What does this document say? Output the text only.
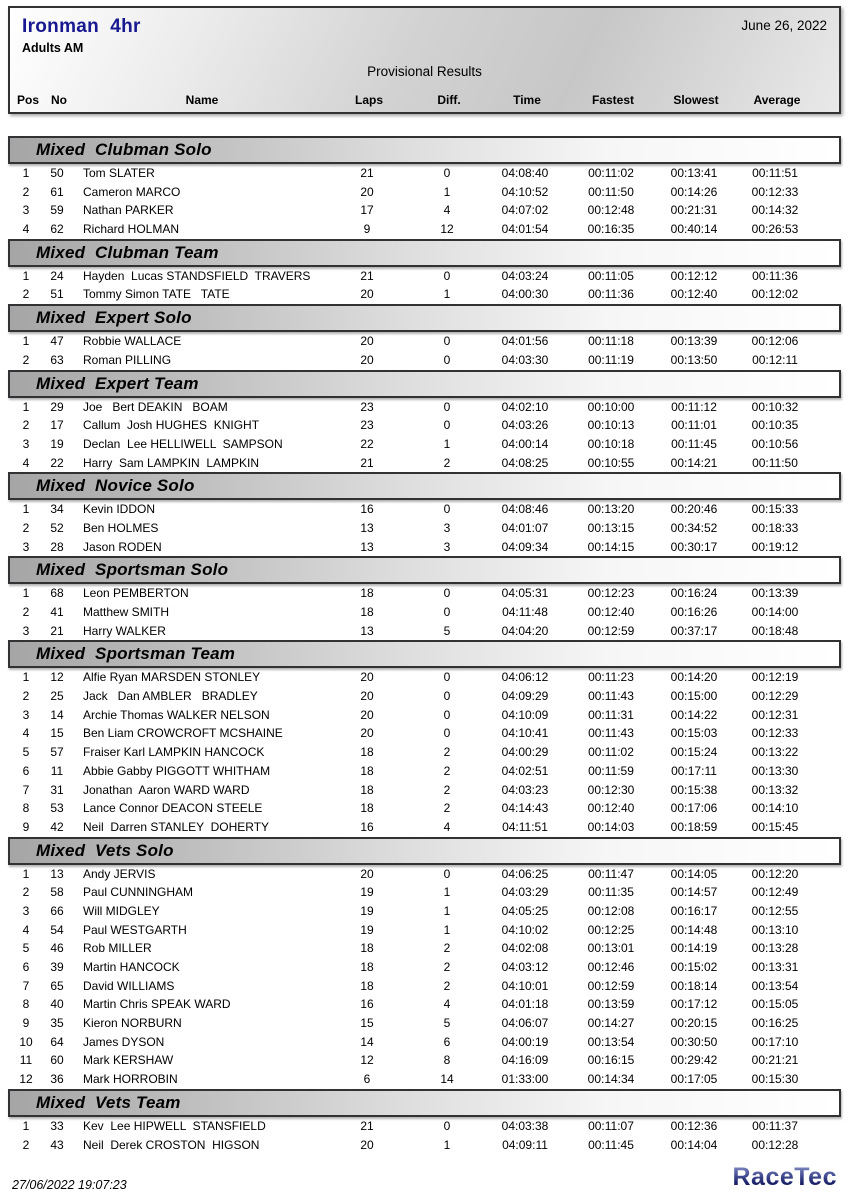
Ironman  4hr	June 26, 2022
Adults AM
Provisional Results
Pos	No	Name	Laps	Diff.	Time	Fastest	Slowest	Average
Mixed  Clubman Solo
1	50	Tom SLATER	21	0	04:08:40	00:11:02	00:13:41	00:11:51
2	61	Cameron MARCO	20	1	04:10:52	00:11:50	00:14:26	00:12:33
3	59	Nathan PARKER	17	4	04:07:02	00:12:48	00:21:31	00:14:32
4	62	Richard HOLMAN	9	12	04:01:54	00:16:35	00:40:14	00:26:53
Mixed  Clubman Team
1	24	Hayden  Lucas STANDSFIELD  TRAVERS	21	0	04:03:24	00:11:05	00:12:12	00:11:36
2	51	Tommy Simon TATE   TATE	20	1	04:00:30	00:11:36	00:12:40	00:12:02
Mixed  Expert Solo
1	47	Robbie WALLACE	20	0	04:01:56	00:11:18	00:13:39	00:12:06
2	63	Roman PILLING	20	0	04:03:30	00:11:19	00:13:50	00:12:11
Mixed  Expert Team
1	29	Joe   Bert DEAKIN   BOAM	23	0	04:02:10	00:10:00	00:11:12	00:10:32
2	17	Callum  Josh HUGHES  KNIGHT	23	0	04:03:26	00:10:13	00:11:01	00:10:35
3	19	Declan  Lee HELLIWELL  SAMPSON	22	1	04:00:14	00:10:18	00:11:45	00:10:56
4	22	Harry  Sam LAMPKIN  LAMPKIN	21	2	04:08:25	00:10:55	00:14:21	00:11:50
Mixed  Novice Solo
1	34	Kevin IDDON	16	0	04:08:46	00:13:20	00:20:46	00:15:33
2	52	Ben HOLMES	13	3	04:01:07	00:13:15	00:34:52	00:18:33
3	28	Jason RODEN	13	3	04:09:34	00:14:15	00:30:17	00:19:12
Mixed  Sportsman Solo
1	68	Leon PEMBERTON	18	0	04:05:31	00:12:23	00:16:24	00:13:39
2	41	Matthew SMITH	18	0	04:11:48	00:12:40	00:16:26	00:14:00
3	21	Harry WALKER	13	5	04:04:20	00:12:59	00:37:17	00:18:48
Mixed  Sportsman Team
1	12	Alfie Ryan MARSDEN STONLEY	20	0	04:06:12	00:11:23	00:14:20	00:12:19
2	25	Jack   Dan AMBLER   BRADLEY	20	0	04:09:29	00:11:43	00:15:00	00:12:29
3	14	Archie Thomas WALKER NELSON	20	0	04:10:09	00:11:31	00:14:22	00:12:31
4	15	Ben Liam CROWCROFT MCSHAINE	20	0	04:10:41	00:11:43	00:15:03	00:12:33
5	57	Fraiser Karl LAMPKIN HANCOCK	18	2	04:00:29	00:11:02	00:15:24	00:13:22
6	11	Abbie Gabby PIGGOTT WHITHAM	18	2	04:02:51	00:11:59	00:17:11	00:13:30
7	31	Jonathan  Aaron WARD WARD	18	2	04:03:23	00:12:30	00:15:38	00:13:32
8	53	Lance Connor DEACON STEELE	18	2	04:14:43	00:12:40	00:17:06	00:14:10
9	42	Neil  Darren STANLEY  DOHERTY	16	4	04:11:51	00:14:03	00:18:59	00:15:45
Mixed  Vets Solo
1	13	Andy JERVIS	20	0	04:06:25	00:11:47	00:14:05	00:12:20
2	58	Paul CUNNINGHAM	19	1	04:03:29	00:11:35	00:14:57	00:12:49
3	66	Will MIDGLEY	19	1	04:05:25	00:12:08	00:16:17	00:12:55
4	54	Paul WESTGARTH	19	1	04:10:02	00:12:25	00:14:48	00:13:10
5	46	Rob MILLER	18	2	04:02:08	00:13:01	00:14:19	00:13:28
6	39	Martin HANCOCK	18	2	04:03:12	00:12:46	00:15:02	00:13:31
7	65	David WILLIAMS	18	2	04:10:01	00:12:59	00:18:14	00:13:54
8	40	Martin Chris SPEAK WARD	16	4	04:01:18	00:13:59	00:17:12	00:15:05
9	35	Kieron NORBURN	15	5	04:06:07	00:14:27	00:20:15	00:16:25
10	64	James DYSON	14	6	04:00:19	00:13:54	00:30:50	00:17:10
11	60	Mark KERSHAW	12	8	04:16:09	00:16:15	00:29:42	00:21:21
12	36	Mark HORROBIN	6	14	01:33:00	00:14:34	00:17:05	00:15:30
Mixed  Vets Team
1	33	Kev  Lee HIPWELL  STANSFIELD	21	0	04:03:38	00:11:07	00:12:36	00:11:37
2	43	Neil  Derek CROSTON  HIGSON	20	1	04:09:11	00:11:45	00:14:04	00:12:28
27/06/2022 19:07:23	RaceTec
